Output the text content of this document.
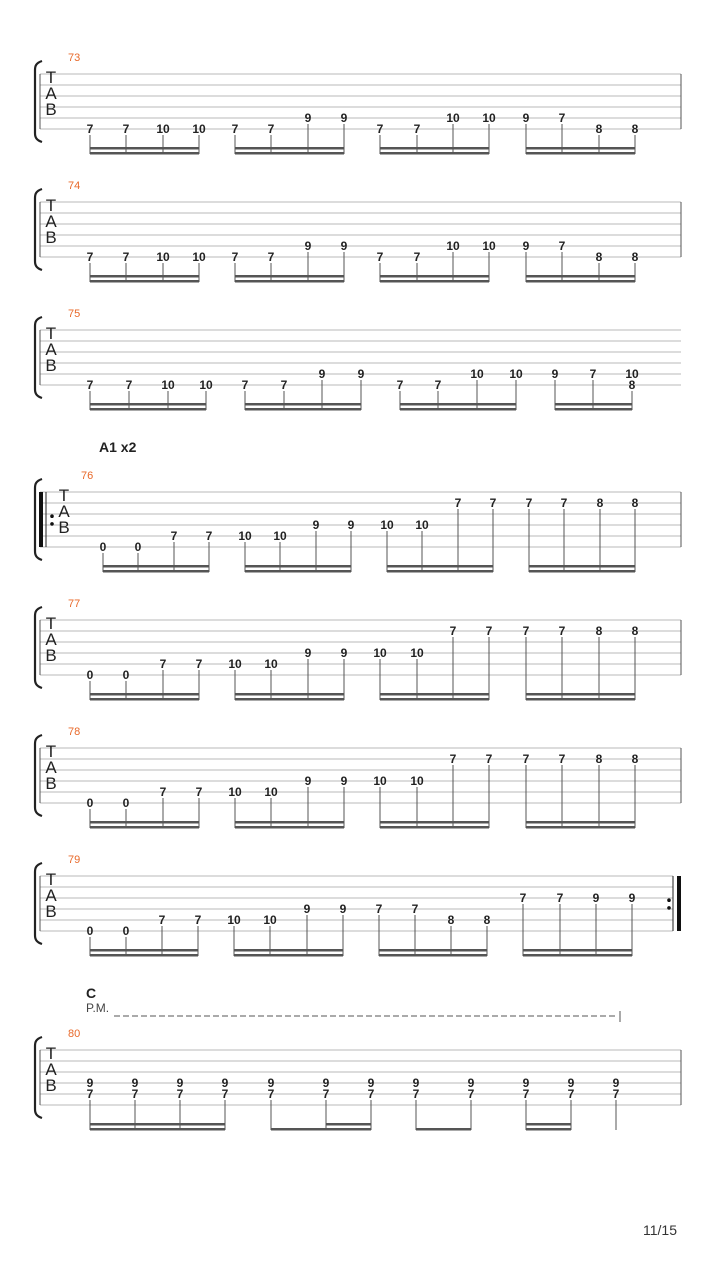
T
A
B
73
7 7 10 10 7 7
9 9
7	7
10 10 9 7
8 8
T
A
B
74
7 7 10 10 7 7
9 9
7	7
10 10 9 7
8 8
T
A
B
75
7	7 10 10 7	7
9	9
7	7
10 10 9	7 10
8
T
A
B
76
0 0
7 7 10 10
9 9 10 10
7 7 7 7 8 8
T
A
B
77
0 0
7 7 10 10
9 9 10 10
7 7	7 7	8 8
T
A
B
78
0 0
7 7 10 10
9 9 10 10
7 7	7 7	8 8
T
A
B
79
0 0
7 7 10 10
9 9 7 7
8 8
7	7 9 9
T
A
B
80
9
7
9
7
9
7
9
7
9
7
9
7
9
7
9
7
9
7
9
7
9
7
9
7
A1 x2
C
P.M.
11/15
